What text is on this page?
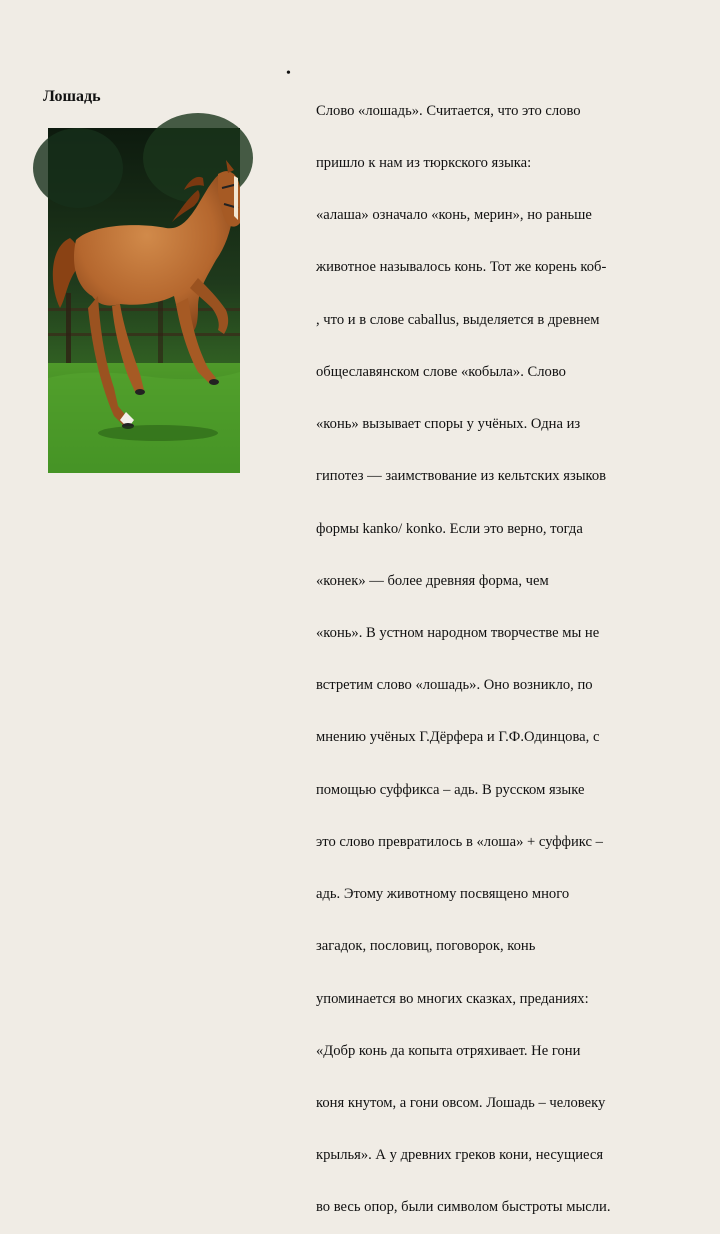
Лошадь
•

Слово «лошадь». Считается, что это слово

пришло к нам из тюркского языка:

«алаша» означало «конь, мерин», но раньше

животное называлось конь. Тот же корень коб-

, что и в слове caballus, выделяется в древнем

общеславянском слове «кобыла». Слово

«конь» вызывает споры у учёных. Одна из

гипотез — заимствование из кельтских языков

формы kanko/ konko. Если это верно, тогда

«конек» — более древняя форма, чем

«конь». В устном народном творчестве мы не

встретим слово «лошадь». Оно возникло, по

мнению учёных Г.Дёрфера и Г.Ф.Одинцова, с

помощью суффикса – адь. В русском языке

это слово превратилось в «лоша» + суффикс –

адь. Этому животному посвящено много

загадок, пословиц, поговорок, конь

упоминается во многих сказках, преданиях:

«Добр конь да копыта отряхивает. Не гони

коня кнутом, а гони овсом. Лошадь – человеку

крылья». А у древних греков кони, несущиеся

во весь опор, были символом быстроты мысли.
